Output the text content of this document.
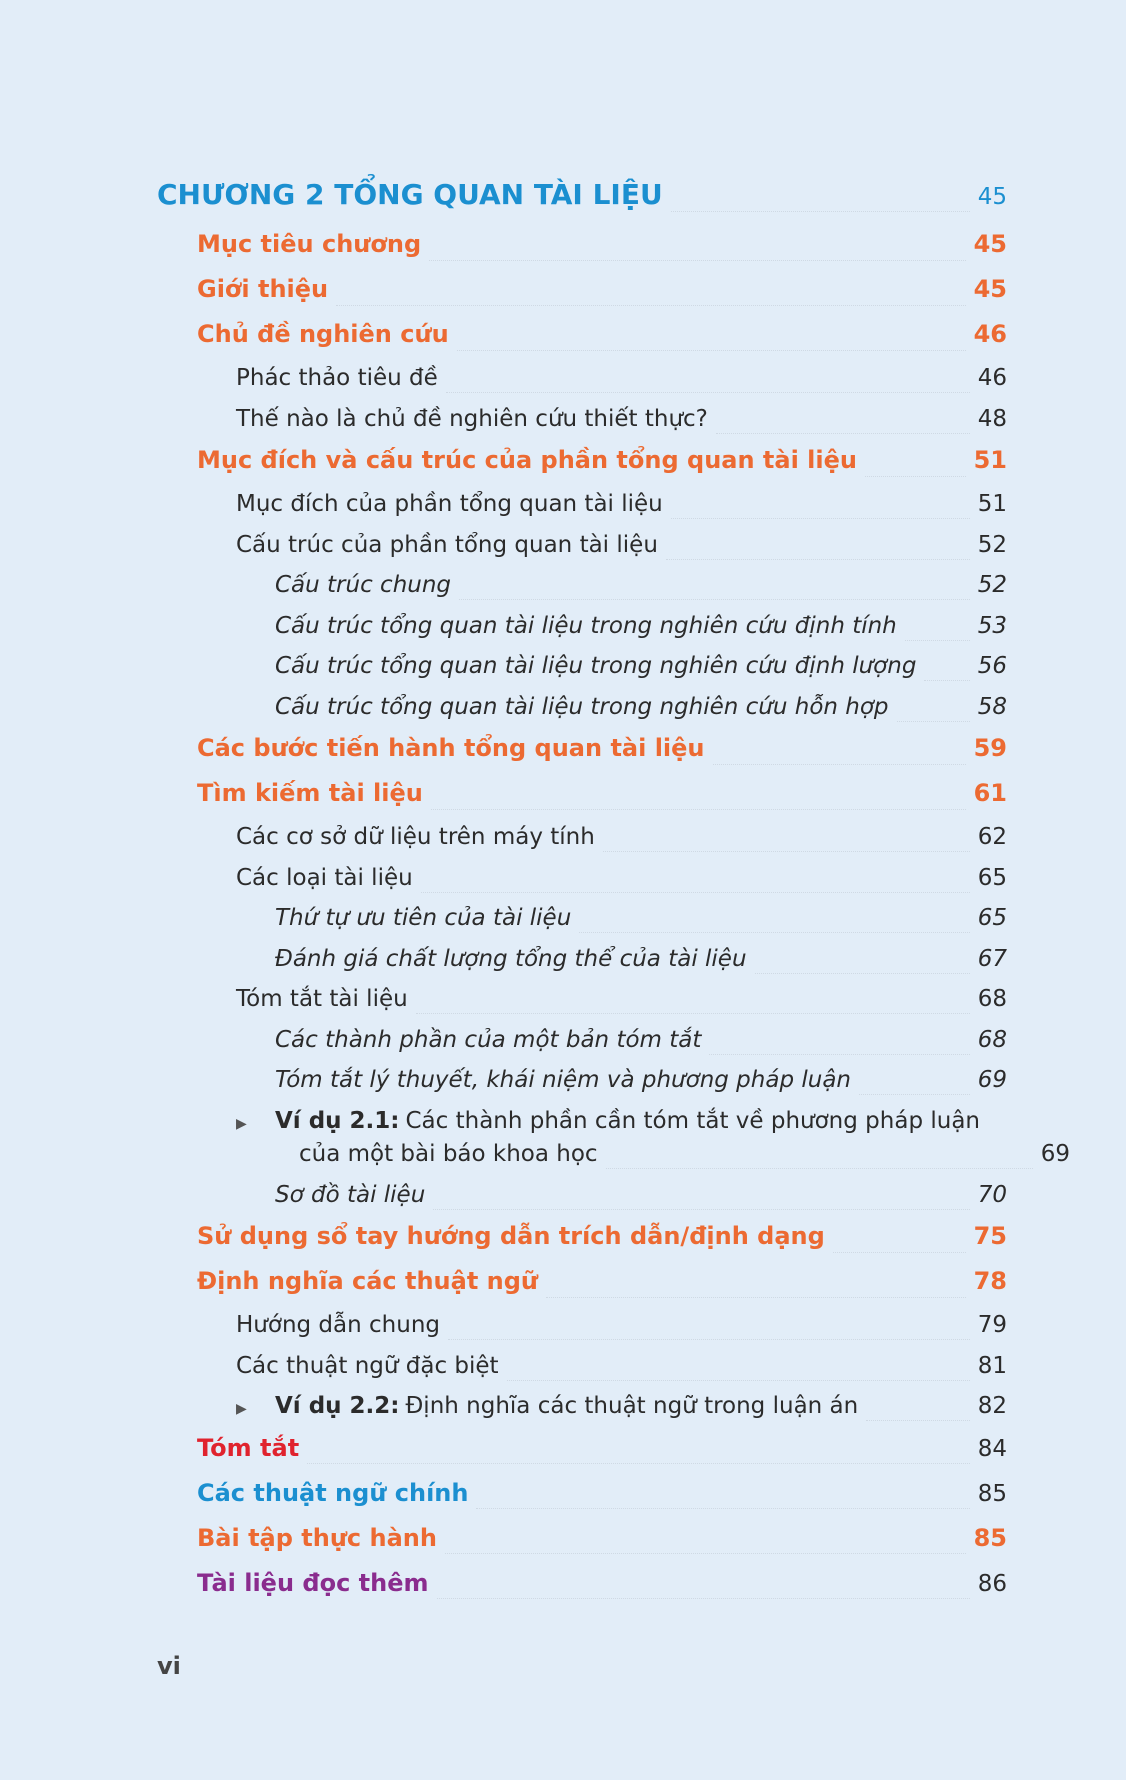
CHƯƠNG 2 TỔNG QUAN TÀI LIỆU	45
Mục tiêu chương	45
Giới thiệu	45
Chủ đề nghiên cứu	46
Phác thảo tiêu đề	46
Thế nào là chủ đề nghiên cứu thiết thực?	48
Mục đích và cấu trúc của phần tổng quan tài liệu	51
Mục đích của phần tổng quan tài liệu	51
Cấu trúc của phần tổng quan tài liệu	52
Cấu trúc chung	52
Cấu trúc tổng quan tài liệu trong nghiên cứu định tính	53
Cấu trúc tổng quan tài liệu trong nghiên cứu định lượng	56
Cấu trúc tổng quan tài liệu trong nghiên cứu hỗn hợp	58
Các bước tiến hành tổng quan tài liệu	59
Tìm kiếm tài liệu	61
Các cơ sở dữ liệu trên máy tính	62
Các loại tài liệu	65
Thứ tự ưu tiên của tài liệu	65
Đánh giá chất lượng tổng thể của tài liệu	67
Tóm tắt tài liệu	68
Các thành phần của một bản tóm tắt	68
Tóm tắt lý thuyết, khái niệm và phương pháp luận	69
▶	Ví dụ 2.1: Các thành phần cần tóm tắt về phương pháp luận
của một bài báo khoa học	69
Sơ đồ tài liệu	70
Sử dụng sổ tay hướng dẫn trích dẫn/định dạng	75
Định nghĩa các thuật ngữ	78
Hướng dẫn chung	79
Các thuật ngữ đặc biệt	81
▶	Ví dụ 2.2: Định nghĩa các thuật ngữ trong luận án	82
Tóm tắt	84
Các thuật ngữ chính	85
Bài tập thực hành	85
Tài liệu đọc thêm	86
vi
